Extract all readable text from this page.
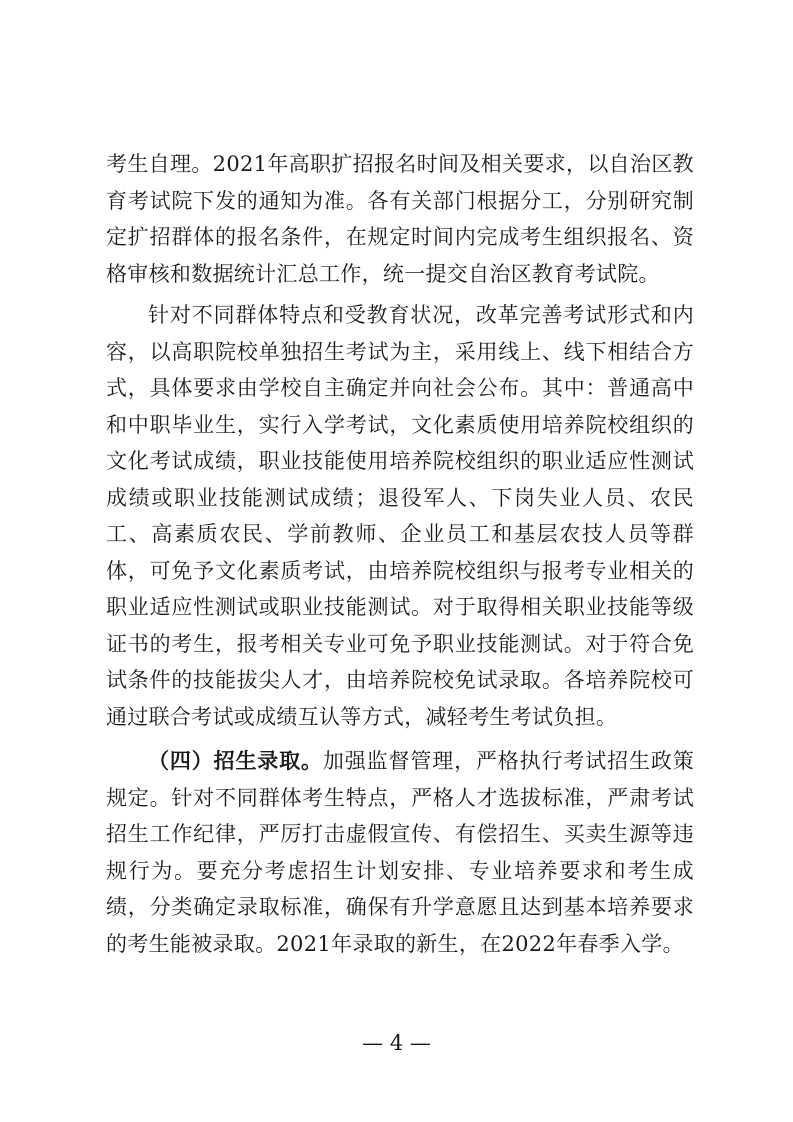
考生自理。2021年高职扩招报名时间及相关要求，以自治区教育考试院下发的通知为准。各有关部门根据分工，分别研究制定扩招群体的报名条件，在规定时间内完成考生组织报名、资格审核和数据统计汇总工作，统一提交自治区教育考试院。

针对不同群体特点和受教育状况，改革完善考试形式和内容，以高职院校单独招生考试为主，采用线上、线下相结合方式，具体要求由学校自主确定并向社会公布。其中：普通高中和中职毕业生，实行入学考试，文化素质使用培养院校组织的文化考试成绩，职业技能使用培养院校组织的职业适应性测试成绩或职业技能测试成绩；退役军人、下岗失业人员、农民工、高素质农民、学前教师、企业员工和基层农技人员等群体，可免予文化素质考试，由培养院校组织与报考专业相关的职业适应性测试或职业技能测试。对于取得相关职业技能等级证书的考生，报考相关专业可免予职业技能测试。对于符合免试条件的技能拔尖人才，由培养院校免试录取。各培养院校可通过联合考试或成绩互认等方式，减轻考生考试负担。

（四）招生录取。加强监督管理，严格执行考试招生政策规定。针对不同群体考生特点，严格人才选拔标准，严肃考试招生工作纪律，严厉打击虚假宣传、有偿招生、买卖生源等违规行为。要充分考虑招生计划安排、专业培养要求和考生成绩，分类确定录取标准，确保有升学意愿且达到基本培养要求的考生能被录取。2021年录取的新生，在2022年春季入学。

— 4 —
